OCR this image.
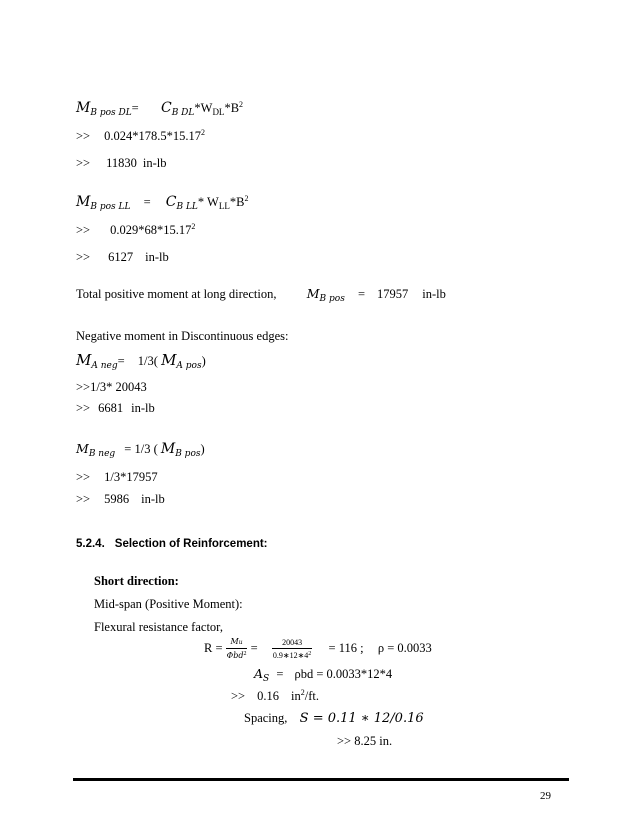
$M_{B pos DL}= C_{B DL}*W_{DL}*B^2$
>> $0.024*178.5*15.17^2$
>> 11830 in-lb
$M_{B pos LL} = C_{B LL}*$ $W_{LL}*B^2$
>> $0.029*68*15.17^2$
>> 6127 in-lb
Total positive moment at long direction, $M_{B pos} = 17957$ in-lb
Negative moment in Discontinuous edges:
$M_{A neg}= 1/3$( $M_{A pos}$)
>>1/3* 20043
>> 6681 in-lb
$M_{B neg} = 1/3$ ( $M_{B pos}$)
>> 1/3*17957
>> 5986 in-lb
5.2.4. Selection of Reinforcement:
Short direction:
Mid-span (Positive Moment):
Flexural resistance factor,
$R = \frac{Mu}{\Phi bd^2} = \frac{20043}{0.9∗12∗4^2} = 116$ ; ρ = 0.0033
$A_S = \rho bd = 0.0033*12*4$
>> 0.16 $in^2/ft$.
Spacing, S = 0.11 ∗ 12/0.16
>> 8.25 in.
29
